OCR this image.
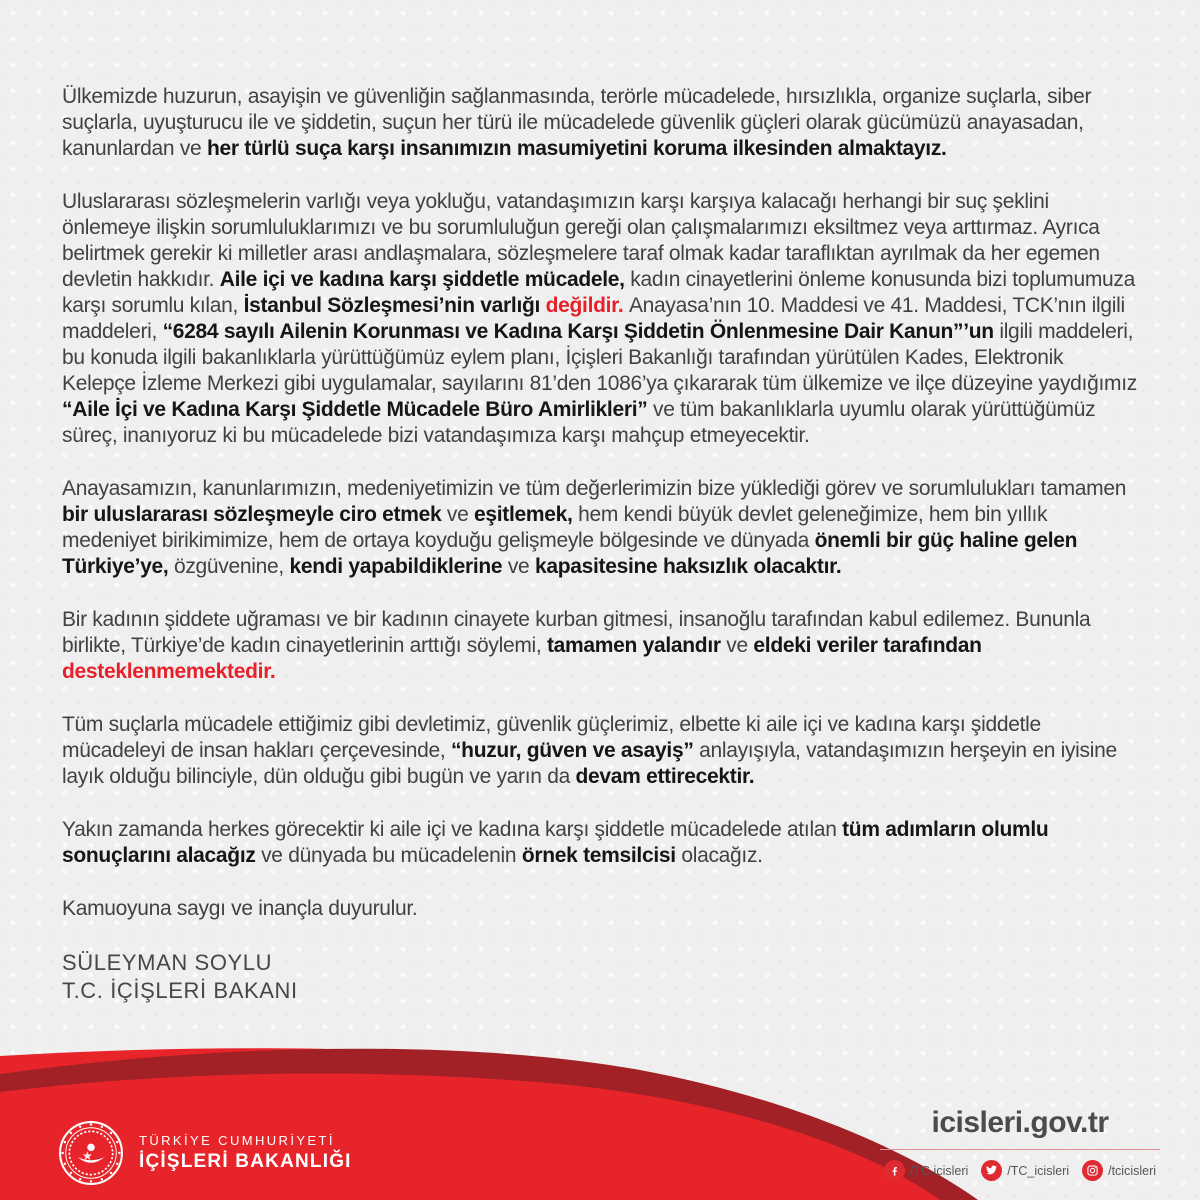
Ülkemizde huzurun, asayişin ve güvenliğin sağlanmasında, terörle mücadelede, hırsızlıkla, organize suçlarla, siber suçlarla, uyuşturucu ile ve şiddetin, suçun her türü ile mücadelede güvenlik güçleri olarak gücümüzü anayasadan, kanunlardan ve her türlü suça karşı insanımızın masumiyetini koruma ilkesinden almaktayız.

Uluslararası sözleşmelerin varlığı veya yokluğu, vatandaşımızın karşı karşıya kalacağı herhangi bir suç şeklini önlemeye ilişkin sorumluluklarımızı ve bu sorumluluğun gereği olan çalışmalarımızı eksiltmez veya arttırmaz. Ayrıca belirtmek gerekir ki milletler arası andlaşmalara, sözleşmelere taraf olmak kadar taraflıktan ayrılmak da her egemen devletin hakkıdır. Aile içi ve kadına karşı şiddetle mücadele, kadın cinayetlerini önleme konusunda bizi toplumumuza karşı sorumlu kılan, İstanbul Sözleşmesi’nin varlığı değildir. Anayasa’nın 10. Maddesi ve 41. Maddesi, TCK’nın ilgili maddeleri, “6284 sayılı Ailenin Korunması ve Kadına Karşı Şiddetin Önlenmesine Dair Kanun”’un ilgili maddeleri, bu konuda ilgili bakanlıklarla yürüttüğümüz eylem planı, İçişleri Bakanlığı tarafından yürütülen Kades, Elektronik Kelepçe İzleme Merkezi gibi uygulamalar, sayılarını 81’den 1086’ya çıkararak tüm ülkemize ve ilçe düzeyine yaydığımız “Aile İçi ve Kadına Karşı Şiddetle Mücadele Büro Amirlikleri” ve tüm bakanlıklarla uyumlu olarak yürüttüğümüz süreç, inanıyoruz ki bu mücadelede bizi vatandaşımıza karşı mahçup etmeyecektir.

Anayasamızın, kanunlarımızın, medeniyetimizin ve tüm değerlerimizin bize yüklediği görev ve sorumlulukları tamamen bir uluslararası sözleşmeyle ciro etmek ve eşitlemek, hem kendi büyük devlet geleneğimize, hem bin yıllık medeniyet birikimimize, hem de ortaya koyduğu gelişmeyle bölgesinde ve dünyada önemli bir güç haline gelen Türkiye’ye, özgüvenine, kendi yapabildiklerine ve kapasitesine haksızlık olacaktır.

Bir kadının şiddete uğraması ve bir kadının cinayete kurban gitmesi, insanoğlu tarafından kabul edilemez. Bununla birlikte, Türkiye’de kadın cinayetlerinin arttığı söylemi, tamamen yalandır ve eldeki veriler tarafından desteklenmemektedir.

Tüm suçlarla mücadele ettiğimiz gibi devletimiz, güvenlik güçlerimiz, elbette ki aile içi ve kadına karşı şiddetle mücadeleyi de insan hakları çerçevesinde, “huzur, güven ve asayiş” anlayışıyla, vatandaşımızın herşeyin en iyisine layık olduğu bilinciyle, dün olduğu gibi bugün ve yarın da devam ettirecektir.

Yakın zamanda herkes görecektir ki aile içi ve kadına karşı şiddetle mücadelede atılan tüm adımların olumlu sonuçlarını alacağız ve dünyada bu mücadelenin örnek temsilcisi olacağız.

Kamuoyuna saygı ve inançla duyurulur.

SÜLEYMAN SOYLU
T.C. İÇİŞLERİ BAKANI
TÜRKİYE CUMHURİYETİ
İÇİŞLERİ BAKANLIĞI
icisleri.gov.tr
/TC.icisleri	/TC_icisleri	/tcicisleri
